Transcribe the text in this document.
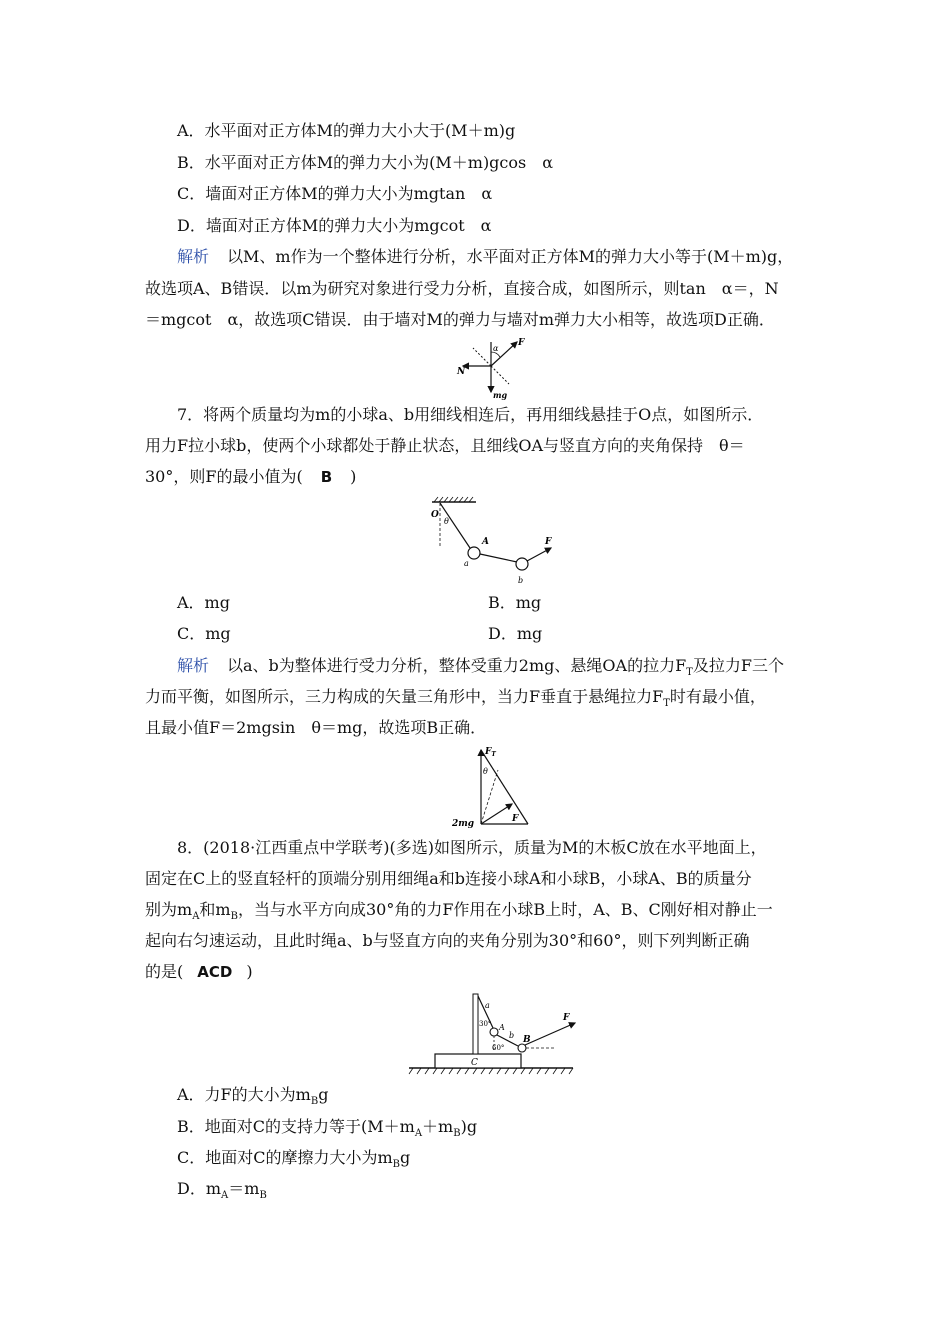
A．水平面对正方体M的弹力大小大于(M＋m)g
B．水平面对正方体M的弹力大小为(M＋m)gcos　α
C．墙面对正方体M的弹力大小为mgtan　α
D．墙面对正方体M的弹力大小为mgcot　α
解析 以M、m作为一个整体进行分析，水平面对正方体M的弹力大小等于(M＋m)g，
故选项A、B错误．以m为研究对象进行受力分析，直接合成，如图所示，则tan　α＝，N
＝mgcot　α，故选项C错误．由于墙对M的弹力与墙对m弹力大小相等，故选项D正确．
α
F
N
mg
7．将两个质量均为m的小球a、b用细线相连后，再用细线悬挂于O点，如图所示．
用力F拉小球b，使两个小球都处于静止状态，且细线OA与竖直方向的夹角保持　θ＝
30°，则F的最小值为( B )
O
θ
A
a
b
F
A．mg	B．mg
C．mg	D．mg
解析 以a、b为整体进行受力分析，整体受重力2mg、悬绳OA的拉力$F_T$及拉力F三个
力而平衡，如图所示，三力构成的矢量三角形中，当力F垂直于悬绳拉力$F_T$时有最小值，
且最小值F＝2mgsin　θ＝mg，故选项B正确．
$F_T$
θ
2mg	F
8．(2018·江西重点中学联考)(多选)如图所示，质量为M的木板C放在水平地面上，
固定在C上的竖直轻杆的顶端分别用细绳a和b连接小球A和小球B，小球A、B的质量分
别为$m_A$和$m_B$，当与水平方向成30°角的力F作用在小球B上时，A、B、C刚好相对静止一
起向右匀速运动，且此时绳a、b与竖直方向的夹角分别为30°和60°，则下列判断正确
的是( ACD )
a
30° A
b
60°
B
F
C
A．力F的大小为$m_Bg$
B．地面对C的支持力等于$(M+m_A+m_B)g$
C．地面对C的摩擦力大小为$m_Bg$
D．$m_A=m_B$
